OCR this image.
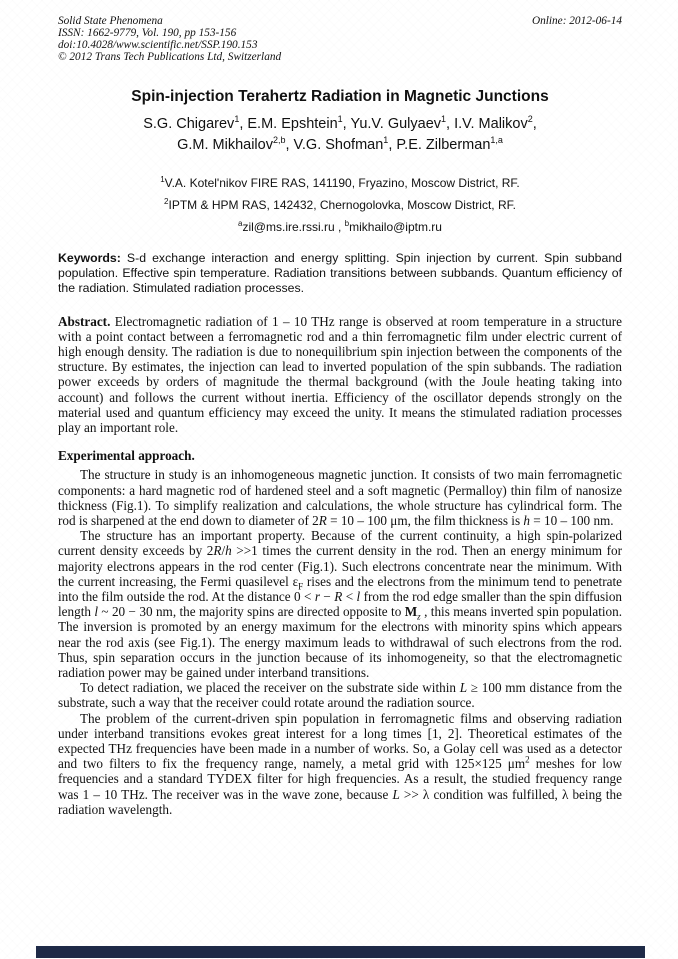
Solid State Phenomena
ISSN: 1662-9779, Vol. 190, pp 153-156
doi:10.4028/www.scientific.net/SSP.190.153
© 2012 Trans Tech Publications Ltd, Switzerland
Online: 2012-06-14
Spin-injection Terahertz Radiation in Magnetic Junctions
S.G. Chigarev$^1$, E.M. Epshtein$^1$, Yu.V. Gulyaev$^1$, I.V. Malikov$^2$,
G.M. Mikhailov$^{2,b}$, V.G. Shofman$^1$, P.E. Zilberman$^{1,a}$
$^1$V.A. Kotel'nikov FIRE RAS, 141190, Fryazino, Moscow District, RF.
$^2$IPTM & HPM RAS, 142432, Chernogolovka, Moscow District, RF.
$^a$zil@ms.ire.rssi.ru , $^b$mikhailo@iptm.ru
Keywords: S-d exchange interaction and energy splitting. Spin injection by current. Spin subband population. Effective spin temperature. Radiation transitions between subbands. Quantum efficiency of the radiation. Stimulated radiation processes.
Abstract. Electromagnetic radiation of 1 – 10 THz range is observed at room temperature in a structure with a point contact between a ferromagnetic rod and a thin ferromagnetic film under electric current of high enough density. The radiation is due to nonequilibrium spin injection between the components of the structure. By estimates, the injection can lead to inverted population of the spin subbands. The radiation power exceeds by orders of magnitude the thermal background (with the Joule heating taking into account) and follows the current without inertia. Efficiency of the oscillator depends strongly on the material used and quantum efficiency may exceed the unity. It means the stimulated radiation processes play an important role.
Experimental approach.

The structure in study is an inhomogeneous magnetic junction. It consists of two main ferromagnetic components: a hard magnetic rod of hardened steel and a soft magnetic (Permalloy) thin film of nanosize thickness (Fig.1). To simplify realization and calculations, the whole structure has cylindrical form. The rod is sharpened at the end down to diameter of 2R = 10 – 100 μm, the film thickness is h = 10 – 100 nm.

The structure has an important property. Because of the current continuity, a high spin-polarized current density exceeds by 2R/h >>1 times the current density in the rod. Then an energy minimum for majority electrons appears in the rod center (Fig.1). Such electrons concentrate near the minimum. With the current increasing, the Fermi quasilevel $\varepsilon_F$ rises and the electrons from the minimum tend to penetrate into the film outside the rod. At the distance 0 < r − R < l from the rod edge smaller than the spin diffusion length l ~ 20 − 30 nm, the majority spins are directed opposite to $M_z$ , this means inverted spin population. The inversion is promoted by an energy maximum for the electrons with minority spins which appears near the rod axis (see Fig.1). The energy maximum leads to withdrawal of such electrons from the rod. Thus, spin separation occurs in the junction because of its inhomogeneity, so that the electromagnetic radiation power may be gained under interband transitions.

To detect radiation, we placed the receiver on the substrate side within L ≥ 100 mm distance from the substrate, such a way that the receiver could rotate around the radiation source.

The problem of the current-driven spin population in ferromagnetic films and observing radiation under interband transitions evokes great interest for a long times [1, 2]. Theoretical estimates of the expected THz frequencies have been made in a number of works. So, a Golay cell was used as a detector and two filters to fix the frequency range, namely, a metal grid with 125×125 $\mu m^2$ meshes for low frequencies and a standard TYDEX filter for high frequencies. As a result, the studied frequency range was 1 – 10 THz. The receiver was in the wave zone, because L >> λ condition was fulfilled, λ being the radiation wavelength.
